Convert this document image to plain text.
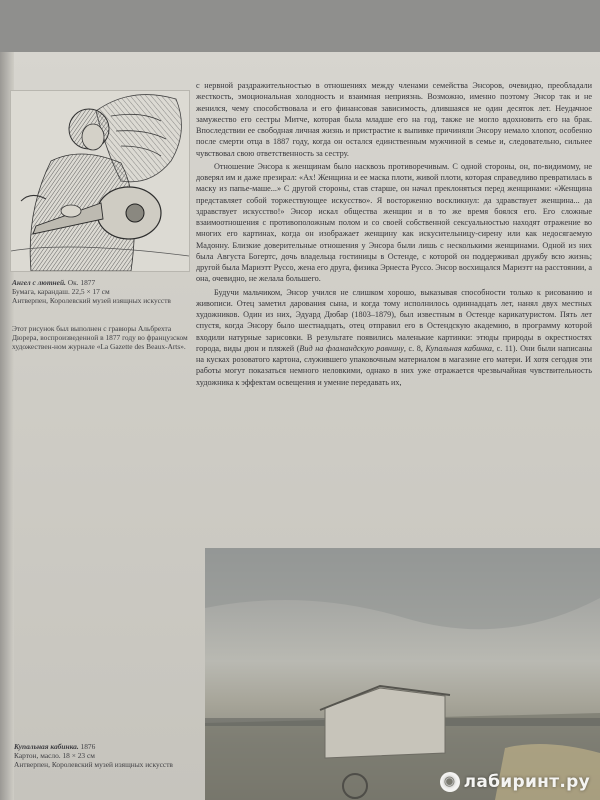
Ангел с лютней. Ок. 1877
Бумага, карандаш. 22,5 × 17 см
Антверпен, Королевский музей изящных искусств
Этот рисунок был выполнен с гравюры Альбрехта Дюрера, воспроизведенной в 1877 году во французском художествен-ном журнале «La Gazette des Beaux-Arts».

с нервной раздражительностью в отношениях между членами семейства Энсоров, очевидно, преобладали жесткость, эмоциональная холодность и взаимная неприязнь. Возможно, именно поэтому Энсор так и не женился, чему способствовала и его финансовая зависимость, длившаяся не один десяток лет. Неудачное замужество его сестры Митче, которая была младше его на год, также не могло вдохновить его на брак. Впоследствии ее свободная личная жизнь и пристрастие к выпивке причиняли Энсору немало хлопот, особенно после смерти отца в 1887 году, когда он остался единственным мужчиной в семье и, следовательно, сильнее чувствовал свою ответственность за сестру.

Отношение Энсора к женщинам было насквозь противоречивым. С одной стороны, он, по-видимому, не доверял им и даже презирал: «Ах! Женщина и ее маска плоти, живой плоти, которая справедливо превратилась в маску из папье-маше...» С другой стороны, став старше, он начал преклоняться перед женщинами: «Женщина представляет собой торжествующее искусство». Я восторженно воскликнул: да здравствует женщина... да здравствует искусство!» Энсор искал общества женщин и в то же время боялся его. Его сложные взаимоотношения с противоположным полом и со своей собственной сексуальностью находят отражение во многих его картинах, когда он изображает женщину как искусительницу-сирену или как недосягаемую Мадонну. Близкие доверительные отношения у Энсора были лишь с несколькими женщинами. Одной из них была Августа Богертс, дочь владельца гостиницы в Остенде, с которой он поддерживал дружбу всю жизнь; другой была Мариэтт Руссо, жена его друга, физика Эрнеста Руссо. Энсор восхищался Мариэтт на расстоянии, а она, очевидно, не желала большего.

Будучи мальчиком, Энсор учился не слишком хорошо, выказывая способности только к рисованию и живописи. Отец заметил дарования сына, и когда тому исполнилось одиннадцать лет, нанял двух местных художников. Один из них, Эдуард Дюбар (1803–1879), был известным в Остенде карикатуристом. Пять лет спустя, когда Энсору было шестнадцать, отец отправил его в Остендскую академию, в программу которой входили натурные зарисовки. В результате появились маленькие картинки: этюды природы в окрестностях города, виды дюн и пляжей (Вид на фламандскую равнину, с. 8, Купальная кабинка, с. 11). Они были написаны на кусках розоватого картона, служившего упаковочным материалом в магазине его матери. И хотя сегодня эти работы могут показаться немного неловкими, однако в них уже отражается чрезвычайная чувствительность художника к эффектам освещения и умение передавать их,

◉ лабиринт.ру
Купальная кабинка. 1876
Картон, масло. 18 × 23 см
Антверпен, Королевский музей изящных искусств
